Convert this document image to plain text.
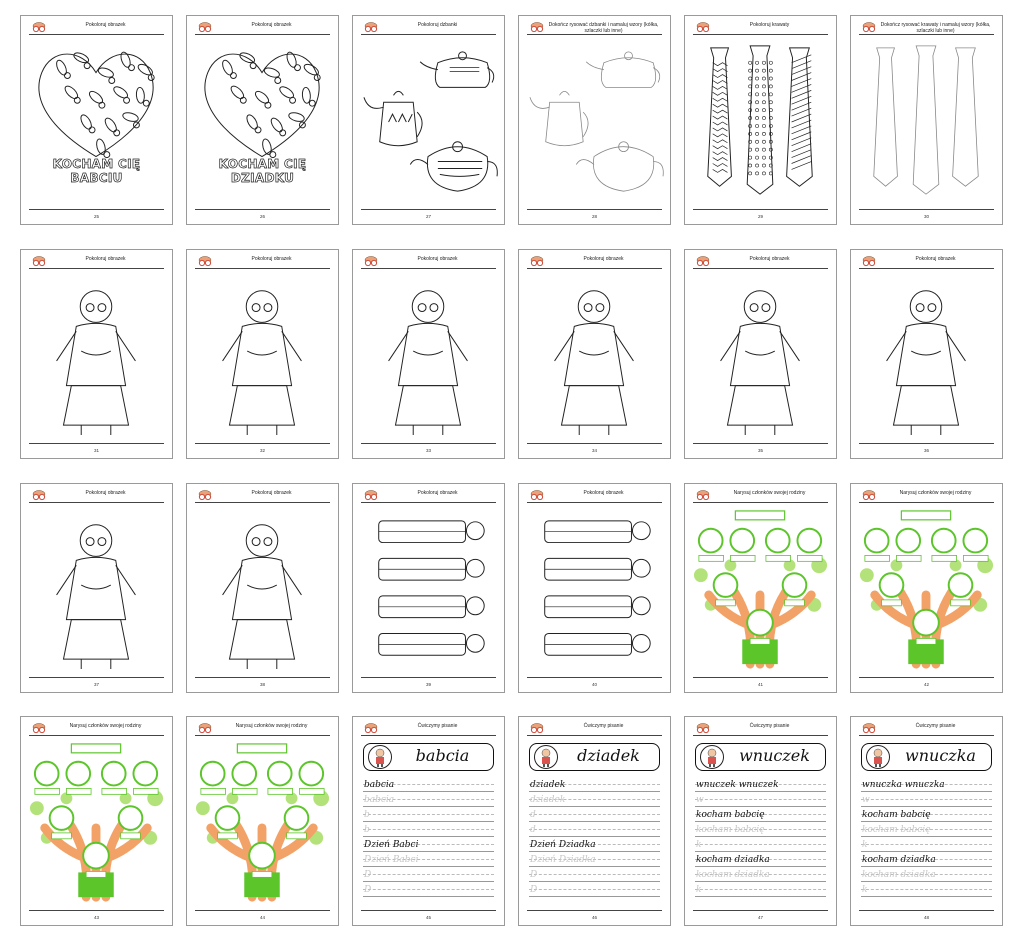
Pokoloruj obrazek
KOCHAM CIĘ
BABCIU
25
Pokoloruj obrazek
KOCHAM CIĘ
DZIADKU
26
Pokoloruj dzbanki
27
Dokończ rysować dzbanki i namaluj wzory (kółka, szlaczki lub inne)
28
Pokoloruj krawaty
29
Dokończ rysować krawaty i namaluj wzory (kółka, szlaczki lub inne)
30
Pokoloruj obrazek
31
Pokoloruj obrazek
32
Pokoloruj obrazek
33
Pokoloruj obrazek
34
Pokoloruj obrazek
35
Pokoloruj obrazek
36
Pokoloruj obrazek
37
Pokoloruj obrazek
38
Pokoloruj obrazek
39
Pokoloruj obrazek
40
Narysuj członków swojej rodziny
41
Narysuj członków swojej rodziny
42
Narysuj członków swojej rodziny
43
Narysuj członków swojej rodziny
44
Ćwiczymy pisanie
babcia
babcia
babcia
b
b
Dzień Babci
Dzień Babci
D
D
45
Ćwiczymy pisanie
dziadek
dziadek
dziadek
d
d
Dzień Dziadka
Dzień Dziadka
D
D
46
Ćwiczymy pisanie
wnuczek
wnuczek wnuczek
w
kocham babcię
kocham babcię
k
kocham dziadka
kocham dziadka
k
47
Ćwiczymy pisanie
wnuczka
wnuczka wnuczka
w
kocham babcię
kocham babcię
k
kocham dziadka
kocham dziadka
k
48
